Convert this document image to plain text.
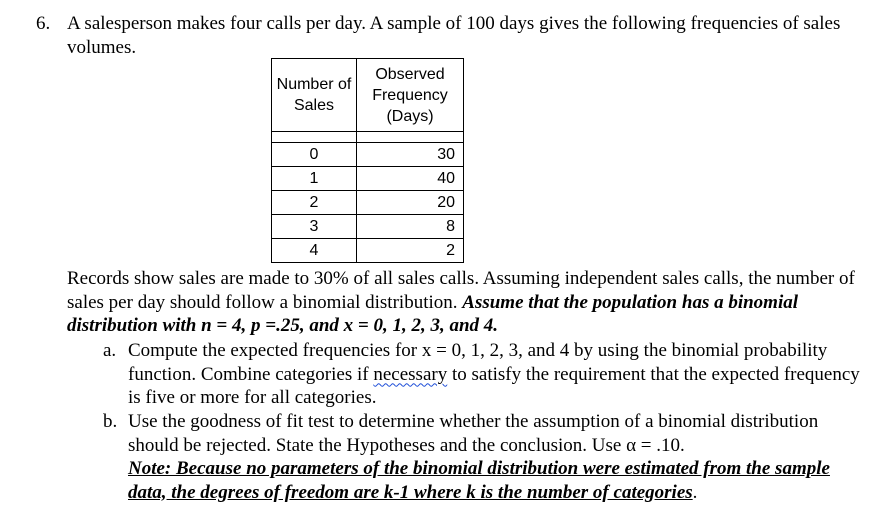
6. A salesperson makes four calls per day. A sample of 100 days gives the following frequencies of sales volumes.
Number of Sales	Observed Frequency (Days)

0	30
1	40
2	20
3	8
4	2
Records show sales are made to 30% of all sales calls. Assuming independent sales calls, the number of sales per day should follow a binomial distribution. Assume that the population has a binomial distribution with n = 4, p =.25, and x = 0, 1, 2, 3, and 4.
a. Compute the expected frequencies for x = 0, 1, 2, 3, and 4 by using the binomial probability function. Combine categories if necessary to satisfy the requirement that the expected frequency is five or more for all categories.
b. Use the goodness of fit test to determine whether the assumption of a binomial distribution should be rejected. State the Hypotheses and the conclusion. Use α = .10.
Note: Because no parameters of the binomial distribution were estimated from the sample data, the degrees of freedom are k-1 where k is the number of categories.
